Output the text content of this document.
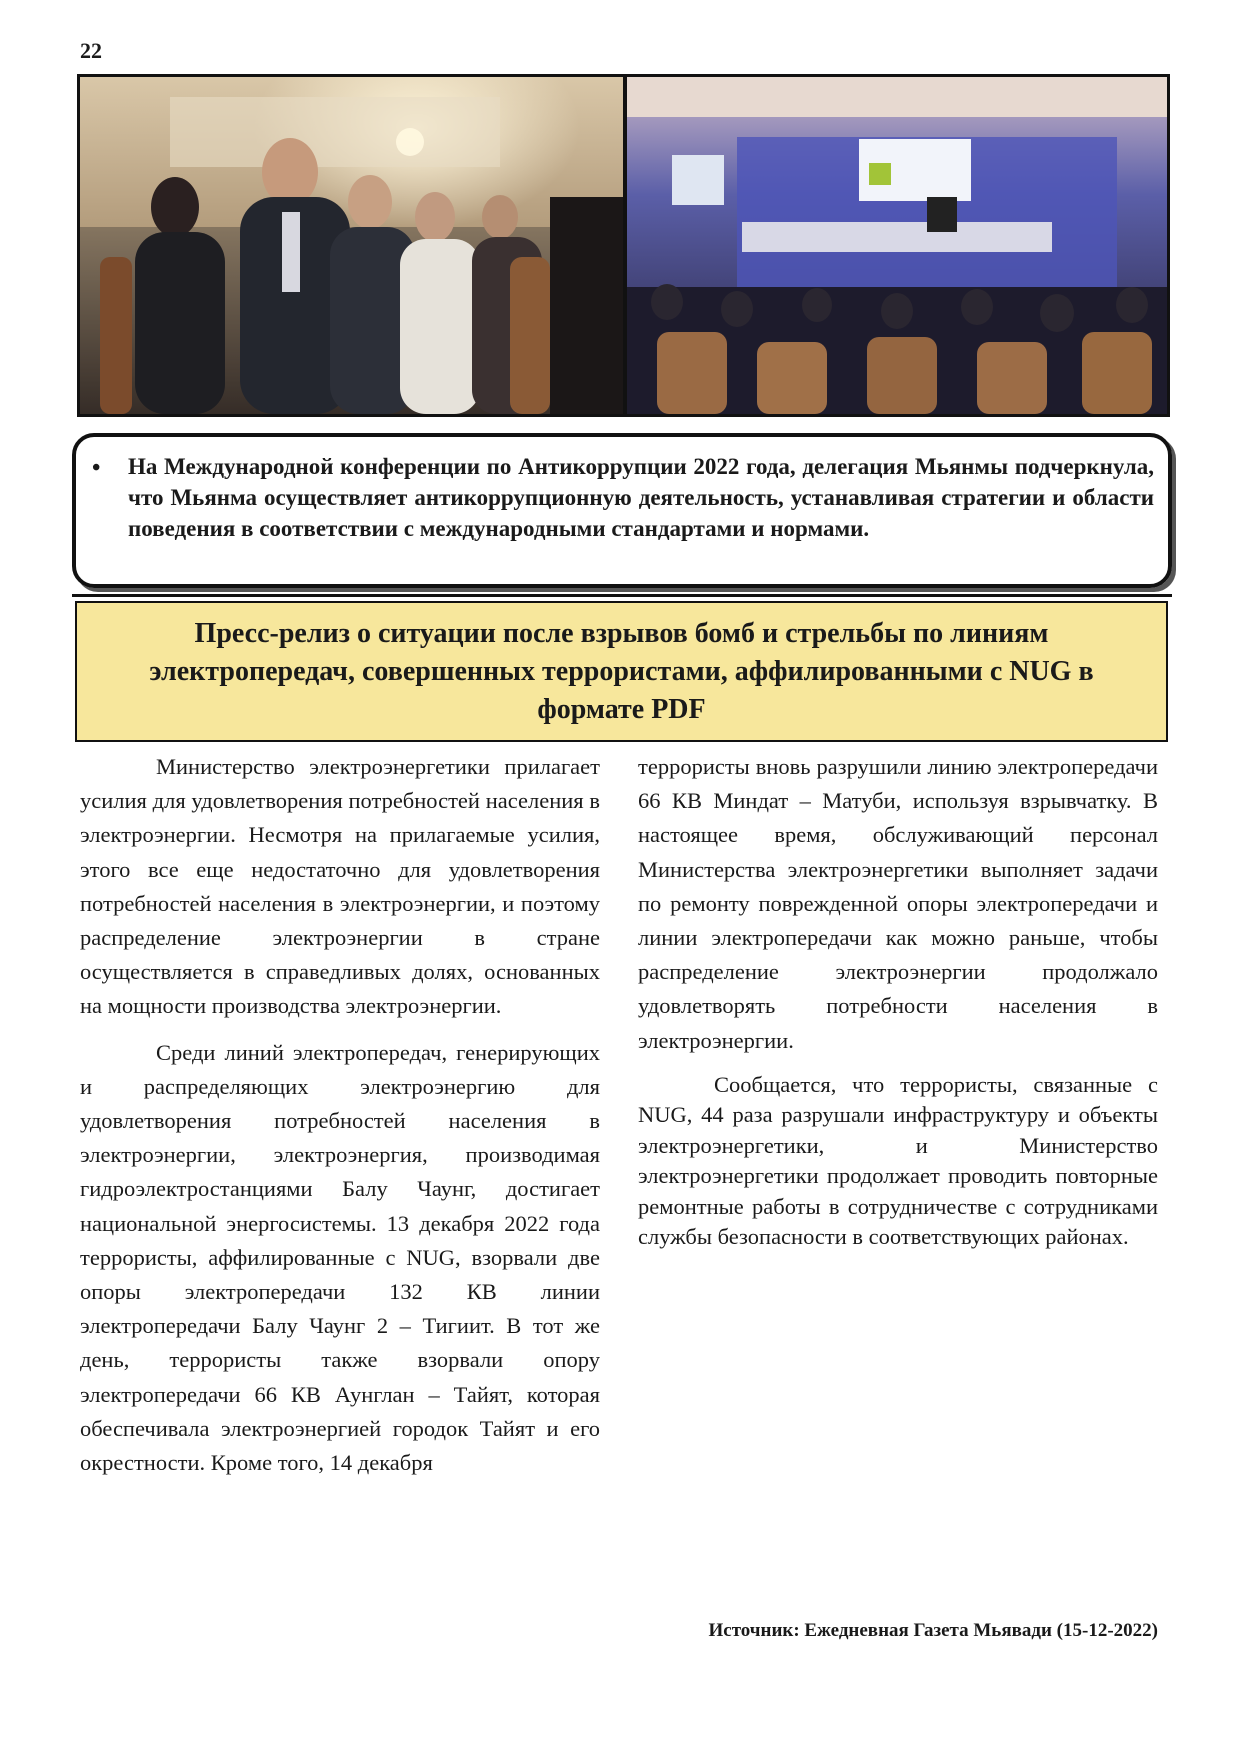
22
• На Международной конференции по Антикоррупции 2022 года, делегация Мьянмы подчеркнула, что Мьянма осуществляет антикоррупционную деятельность, устанавливая стратегии и области поведения в соответствии с международными стандартами и нормами.
Пресс-релиз о ситуации после взрывов бомб и стрельбы по линиям электропередач, совершенных террористами, аффилированными с NUG в формате PDF

Министерство электроэнергетики прилагает усилия для удовлетворения потребностей населения в электроэнергии. Несмотря на прилагаемые усилия, этого все еще недостаточно для удовлетворения потребностей населения в электроэнергии, и поэтому распределение электроэнергии в стране осуществляется в справедливых долях, основанных на мощности производства электроэнергии.

Среди линий электропередач, генерирующих и распределяющих электроэнергию для удовлетворения потребностей населения в электроэнергии, электроэнергия, производимая гидроэлектростанциями Балу Чаунг, достигает национальной энергосистемы. 13 декабря 2022 года террористы, аффилированные с NUG, взорвали две опоры электропередачи 132 КВ линии электропередачи Балу Чаунг 2 – Тигиит. В тот же день, террористы также взорвали опору электропередачи 66 КВ Аунглан – Тайят, которая обеспечивала электроэнергией городок Тайят и его окрестности. Кроме того, 14 декабря

террористы вновь разрушили линию электропередачи 66 КВ Миндат – Матуби, используя взрывчатку. В настоящее время, обслуживающий персонал Министерства электроэнергетики выполняет задачи по ремонту поврежденной опоры электропередачи и линии электропередачи как можно раньше, чтобы распределение электроэнергии продолжало удовлетворять потребности населения в электроэнергии.

Сообщается, что террористы, связанные с NUG, 44 раза разрушали инфраструктуру и объекты электроэнергетики, и Министерство электроэнергетики продолжает проводить повторные ремонтные работы в сотрудничестве с сотрудниками службы безопасности в соответствующих районах.

Источник: Ежедневная Газета Мьявади (15-12-2022)
